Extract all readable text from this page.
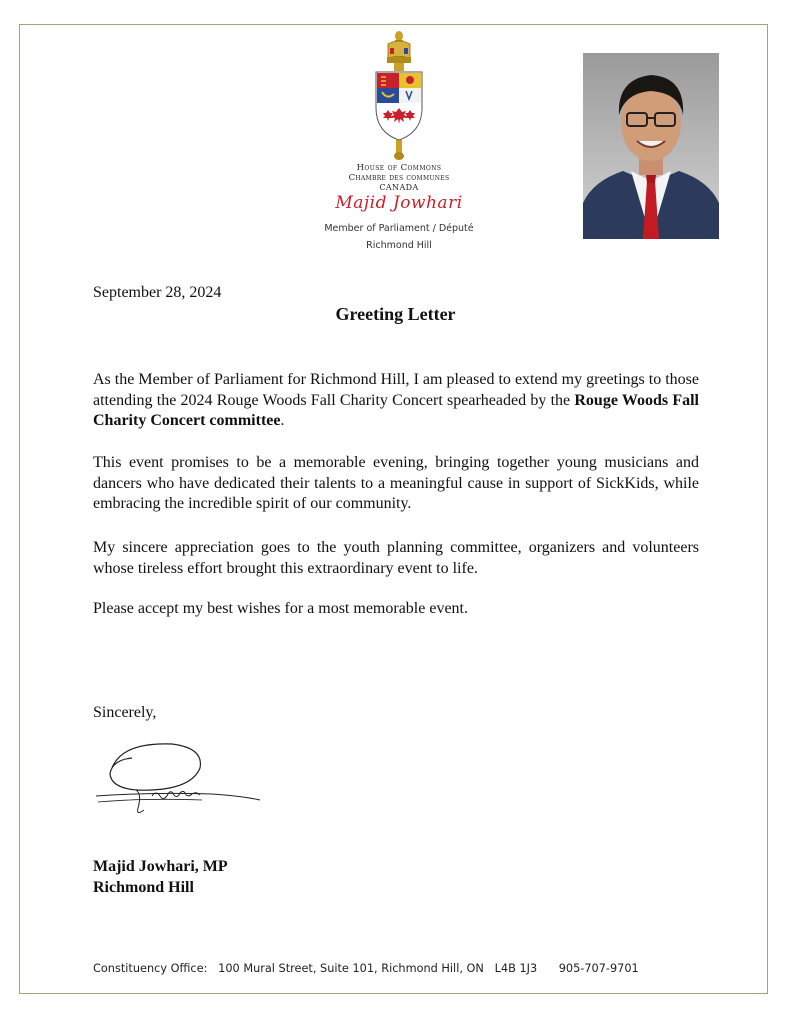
House of Commons
Chambre des communes
CANADA
Majid Jowhari
Member of Parliament / Député
Richmond Hill
September 28, 2024
Greeting Letter
As the Member of Parliament for Richmond Hill, I am pleased to extend my greetings to those attending the 2024 Rouge Woods Fall Charity Concert spearheaded by the Rouge Woods Fall Charity Concert committee.
This event promises to be a memorable evening, bringing together young musicians and dancers who have dedicated their talents to a meaningful cause in support of SickKids, while embracing the incredible spirit of our community.
My sincere appreciation goes to the youth planning committee, organizers and volunteers whose tireless effort brought this extraordinary event to life.
Please accept my best wishes for a most memorable event.
Sincerely,
Majid Jowhari, MP
Richmond Hill
Constituency Office: 100 Mural Street, Suite 101, Richmond Hill, ON L4B 1J3 905-707-9701
